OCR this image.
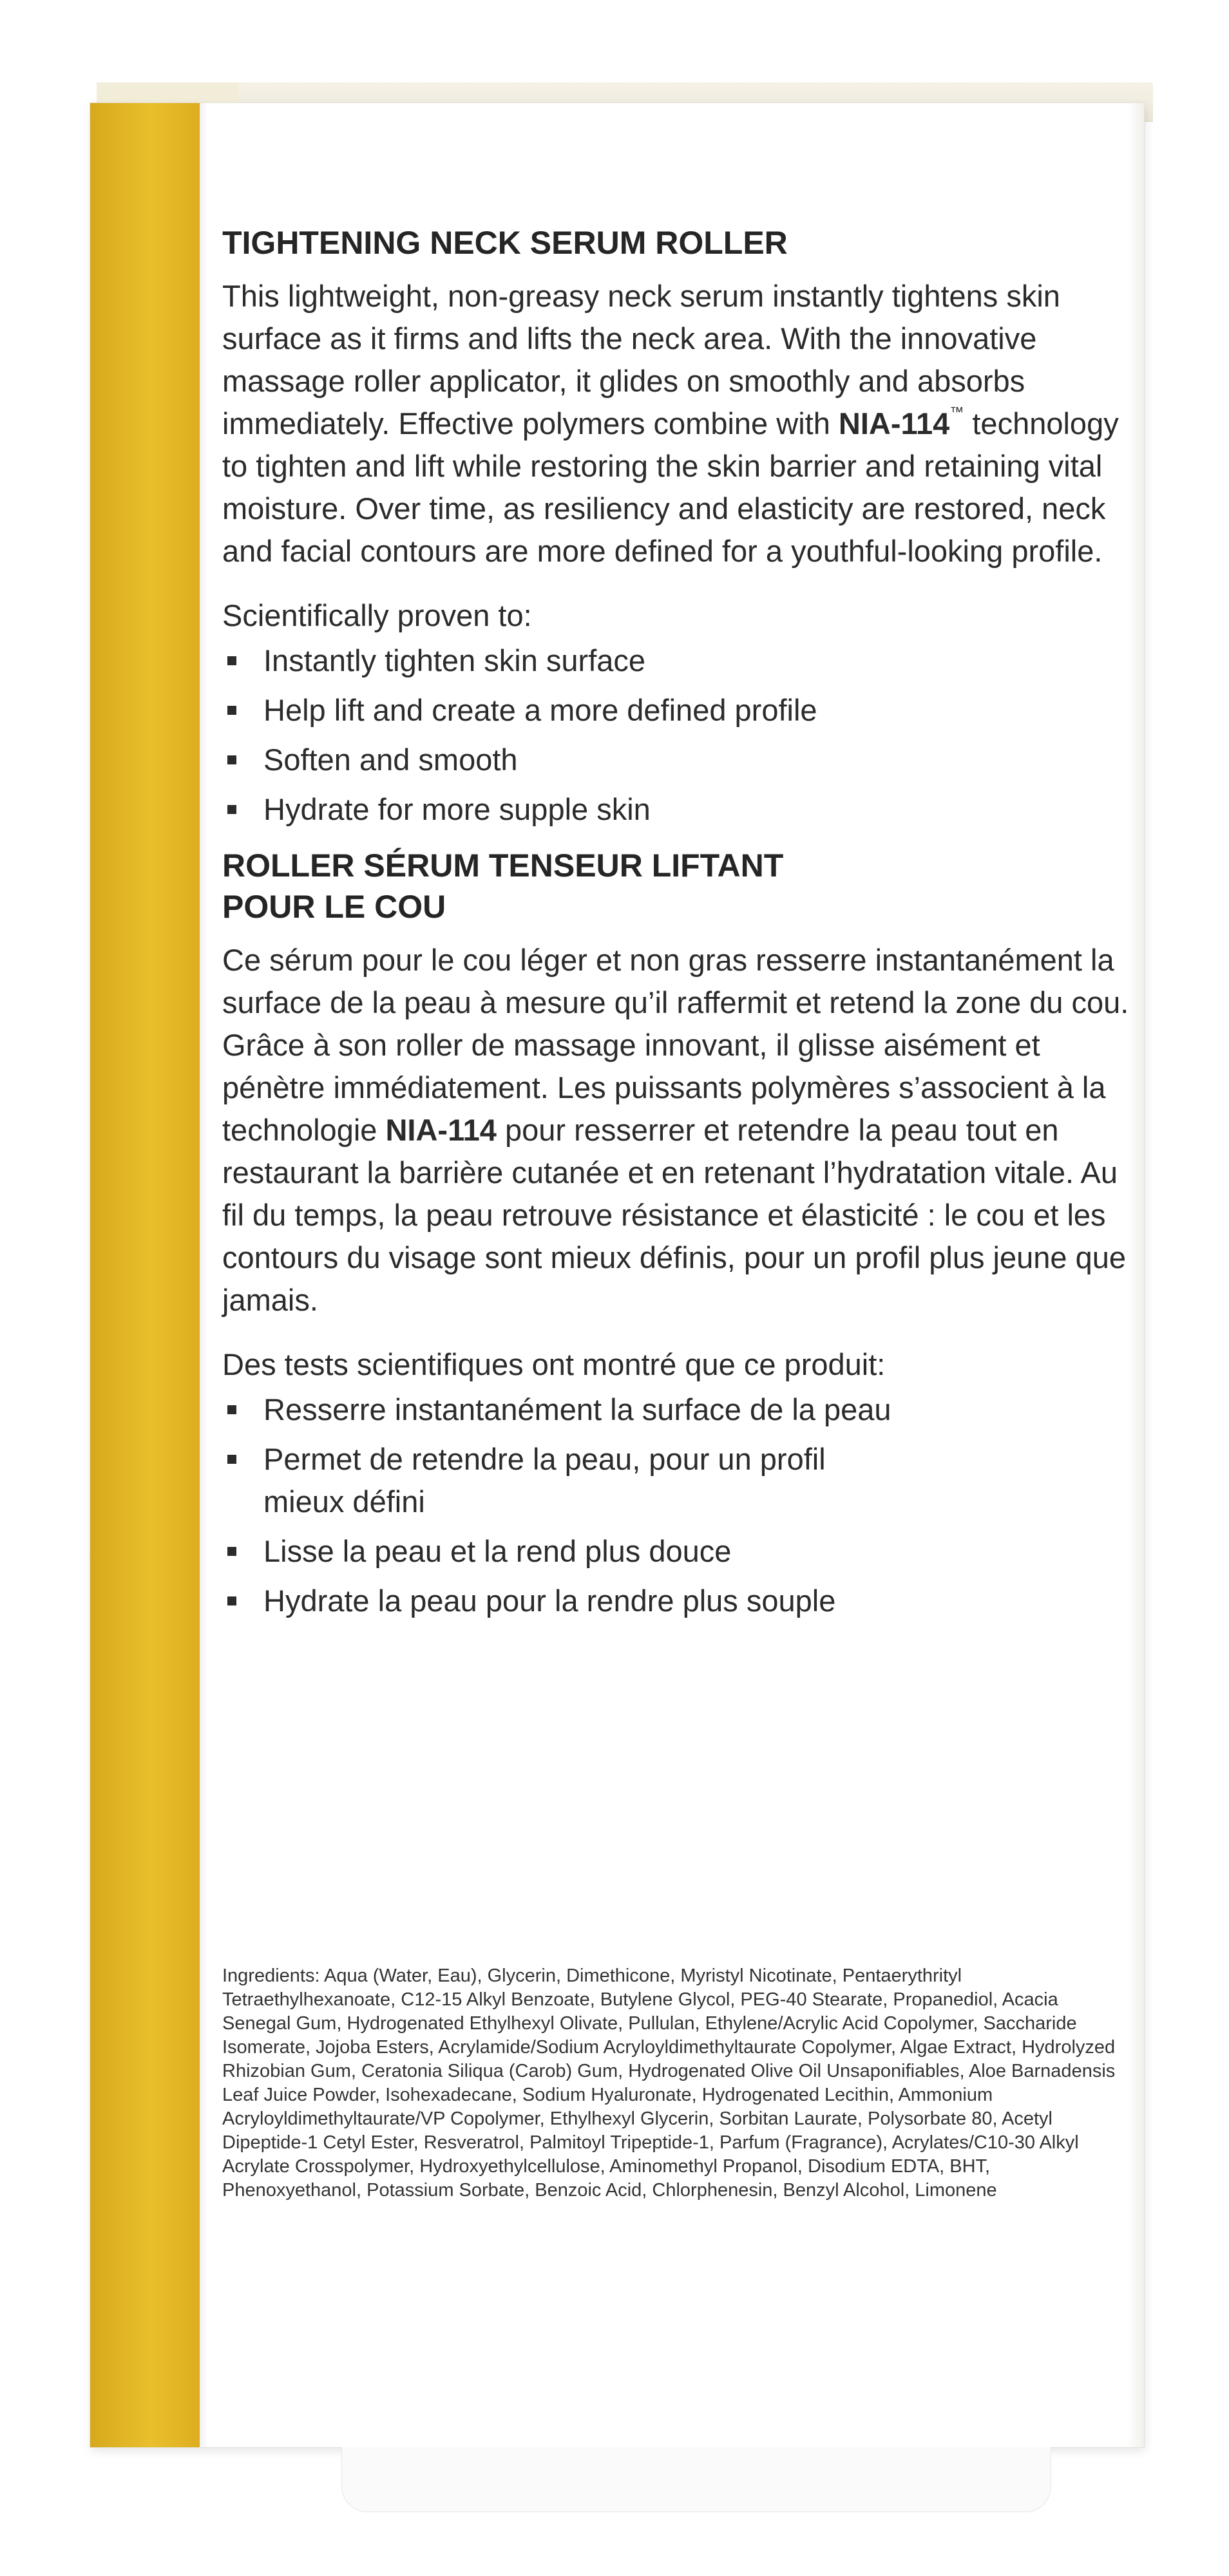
TIGHTENING NECK SERUM ROLLER

This lightweight, non-greasy neck serum instantly tightens skin surface as it firms and lifts the neck area. With the innovative massage roller applicator, it glides on smoothly and absorbs immediately. Effective polymers combine with NIA-114™ technology to tighten and lift while restoring the skin barrier and retaining vital moisture. Over time, as resiliency and elasticity are restored, neck and facial contours are more defined for a youthful-looking profile.

Scientifically proven to:
Instantly tighten skin surface
Help lift and create a more defined profile
Soften and smooth
Hydrate for more supple skin
ROLLER SÉRUM TENSEUR LIFTANT
POUR LE COU

Ce sérum pour le cou léger et non gras resserre instantanément la surface de la peau à mesure qu’il raffermit et retend la zone du cou. Grâce à son roller de massage innovant, il glisse aisément et pénètre immédiatement. Les puissants polymères s’associent à la technologie NIA-114 pour resserrer et retendre la peau tout en restaurant la barrière cutanée et en retenant l’hydratation vitale. Au fil du temps, la peau retrouve résistance et élasticité : le cou et les contours du visage sont mieux définis, pour un profil plus jeune que jamais.

Des tests scientifiques ont montré que ce produit:
Resserre instantanément la surface de la peau
Permet de retendre la peau, pour un profil
mieux défini
Lisse la peau et la rend plus douce
Hydrate la peau pour la rendre plus souple

Ingredients: Aqua (Water, Eau), Glycerin, Dimethicone, Myristyl Nicotinate, Pentaerythrityl Tetraethylhexanoate, C12-15 Alkyl Benzoate, Butylene Glycol, PEG-40 Stearate, Propanediol, Acacia Senegal Gum, Hydrogenated Ethylhexyl Olivate, Pullulan, Ethylene/Acrylic Acid Copolymer, Saccharide Isomerate, Jojoba Esters, Acrylamide/Sodium Acryloyldimethyltaurate Copolymer, Algae Extract, Hydrolyzed Rhizobian Gum, Ceratonia Siliqua (Carob) Gum, Hydrogenated Olive Oil Unsaponifiables, Aloe Barnadensis Leaf Juice Powder, Isohexadecane, Sodium Hyaluronate, Hydrogenated Lecithin, Ammonium Acryloyldimethyltaurate/VP Copolymer, Ethylhexyl Glycerin, Sorbitan Laurate, Polysorbate 80, Acetyl Dipeptide-1 Cetyl Ester, Resveratrol, Palmitoyl Tripeptide-1, Parfum (Fragrance), Acrylates/C10-30 Alkyl Acrylate Crosspolymer, Hydroxyethylcellulose, Aminomethyl Propanol, Disodium EDTA, BHT, Phenoxyethanol, Potassium Sorbate, Benzoic Acid, Chlorphenesin, Benzyl Alcohol, Limonene
